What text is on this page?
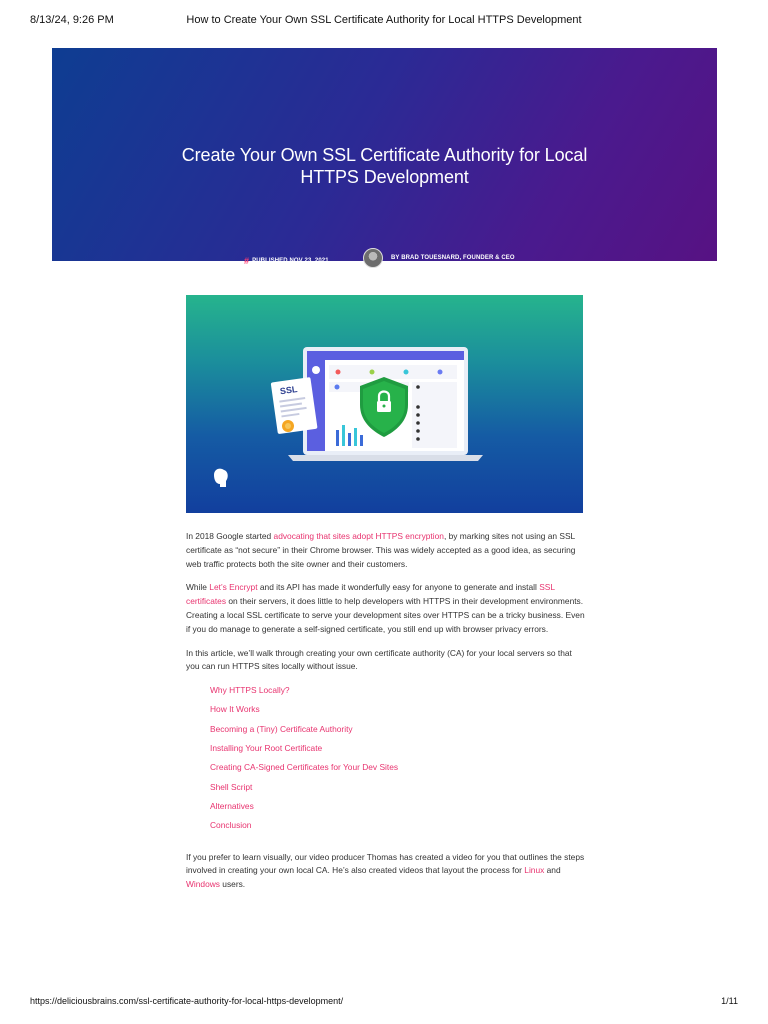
8/13/24, 9:26 PM	How to Create Your Own SSL Certificate Authority for Local HTTPS Development
Create Your Own SSL Certificate Authority for Local
HTTPS Development
# PUBLISHED NOV 23, 2021	BY BRAD TOUESNARD, FOUNDER & CEO
SSL

In 2018 Google started advocating that sites adopt HTTPS encryption, by marking sites not using an SSL certificate as “not secure” in their Chrome browser. This was widely accepted as a good idea, as securing web traffic protects both the site owner and their customers.

While Let’s Encrypt and its API has made it wonderfully easy for anyone to generate and install SSL certificates on their servers, it does little to help developers with HTTPS in their development environments. Creating a local SSL certificate to serve your development sites over HTTPS can be a tricky business. Even if you do manage to generate a self-signed certificate, you still end up with browser privacy errors.

In this article, we’ll walk through creating your own certificate authority (CA) for your local servers so that you can run HTTPS sites locally without issue.

Why HTTPS Locally?
How It Works
Becoming a (Tiny) Certificate Authority
Installing Your Root Certificate
Creating CA-Signed Certificates for Your Dev Sites
Shell Script
Alternatives
Conclusion

If you prefer to learn visually, our video producer Thomas has created a video for you that outlines the steps involved in creating your own local CA. He’s also created videos that layout the process for Linux and Windows users.

https://deliciousbrains.com/ssl-certificate-authority-for-local-https-development/	1/11
